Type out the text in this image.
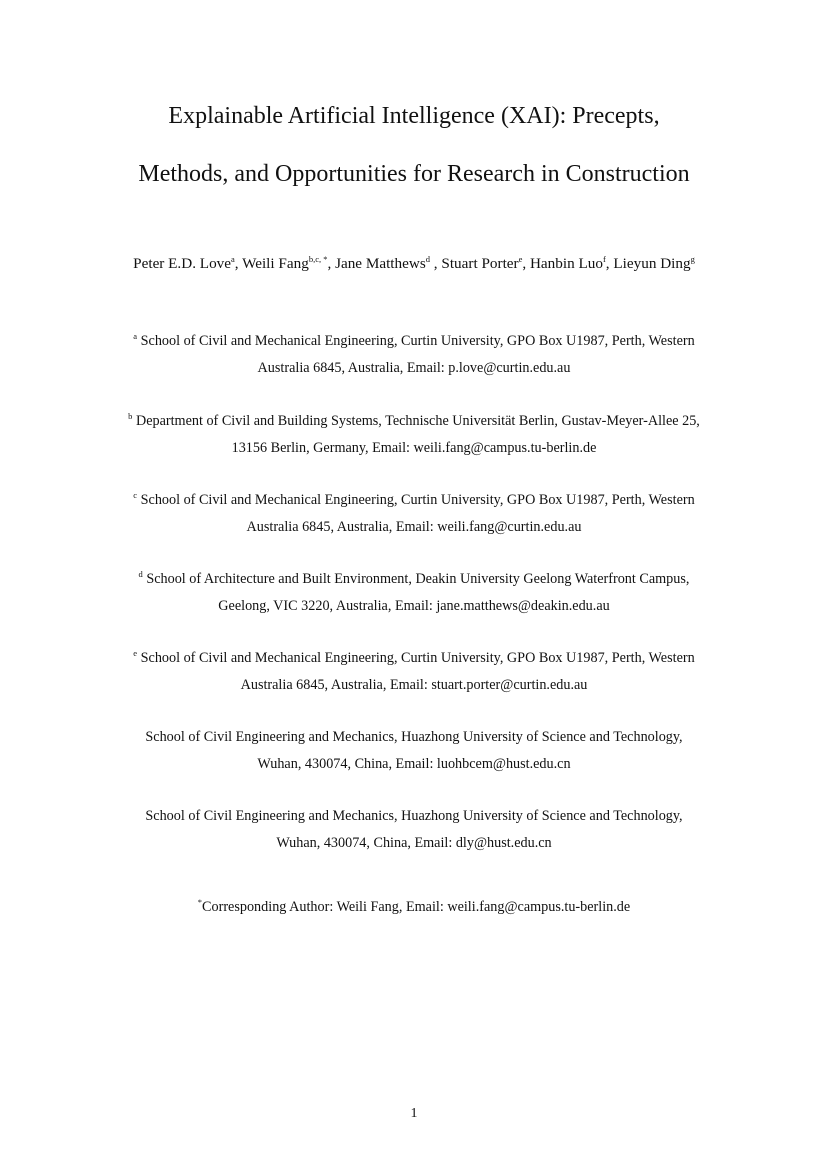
Explainable Artificial Intelligence (XAI): Precepts,
Methods, and Opportunities for Research in Construction
Peter E.D. Love$^a$, Weili Fang$^{b,c, *}$, Jane Matthews$^d$ , Stuart Porter$^e$, Hanbin Luo$^f$, Lieyun Ding$^g$
$^a$ School of Civil and Mechanical Engineering, Curtin University, GPO Box U1987, Perth, Western
Australia 6845, Australia, Email: p.love@curtin.edu.au
$^b$ Department of Civil and Building Systems, Technische Universität Berlin, Gustav-Meyer-Allee 25,
13156 Berlin, Germany, Email: weili.fang@campus.tu-berlin.de
$^c$ School of Civil and Mechanical Engineering, Curtin University, GPO Box U1987, Perth, Western
Australia 6845, Australia, Email: weili.fang@curtin.edu.au
$^d$ School of Architecture and Built Environment, Deakin University Geelong Waterfront Campus,
Geelong, VIC 3220, Australia, Email: jane.matthews@deakin.edu.au
$^e$ School of Civil and Mechanical Engineering, Curtin University, GPO Box U1987, Perth, Western
Australia 6845, Australia, Email: stuart.porter@curtin.edu.au
School of Civil Engineering and Mechanics, Huazhong University of Science and Technology,
Wuhan, 430074, China, Email: luohbcem@hust.edu.cn
School of Civil Engineering and Mechanics, Huazhong University of Science and Technology,
Wuhan, 430074, China, Email: dly@hust.edu.cn
*Corresponding Author: Weili Fang, Email: weili.fang@campus.tu-berlin.de
1
